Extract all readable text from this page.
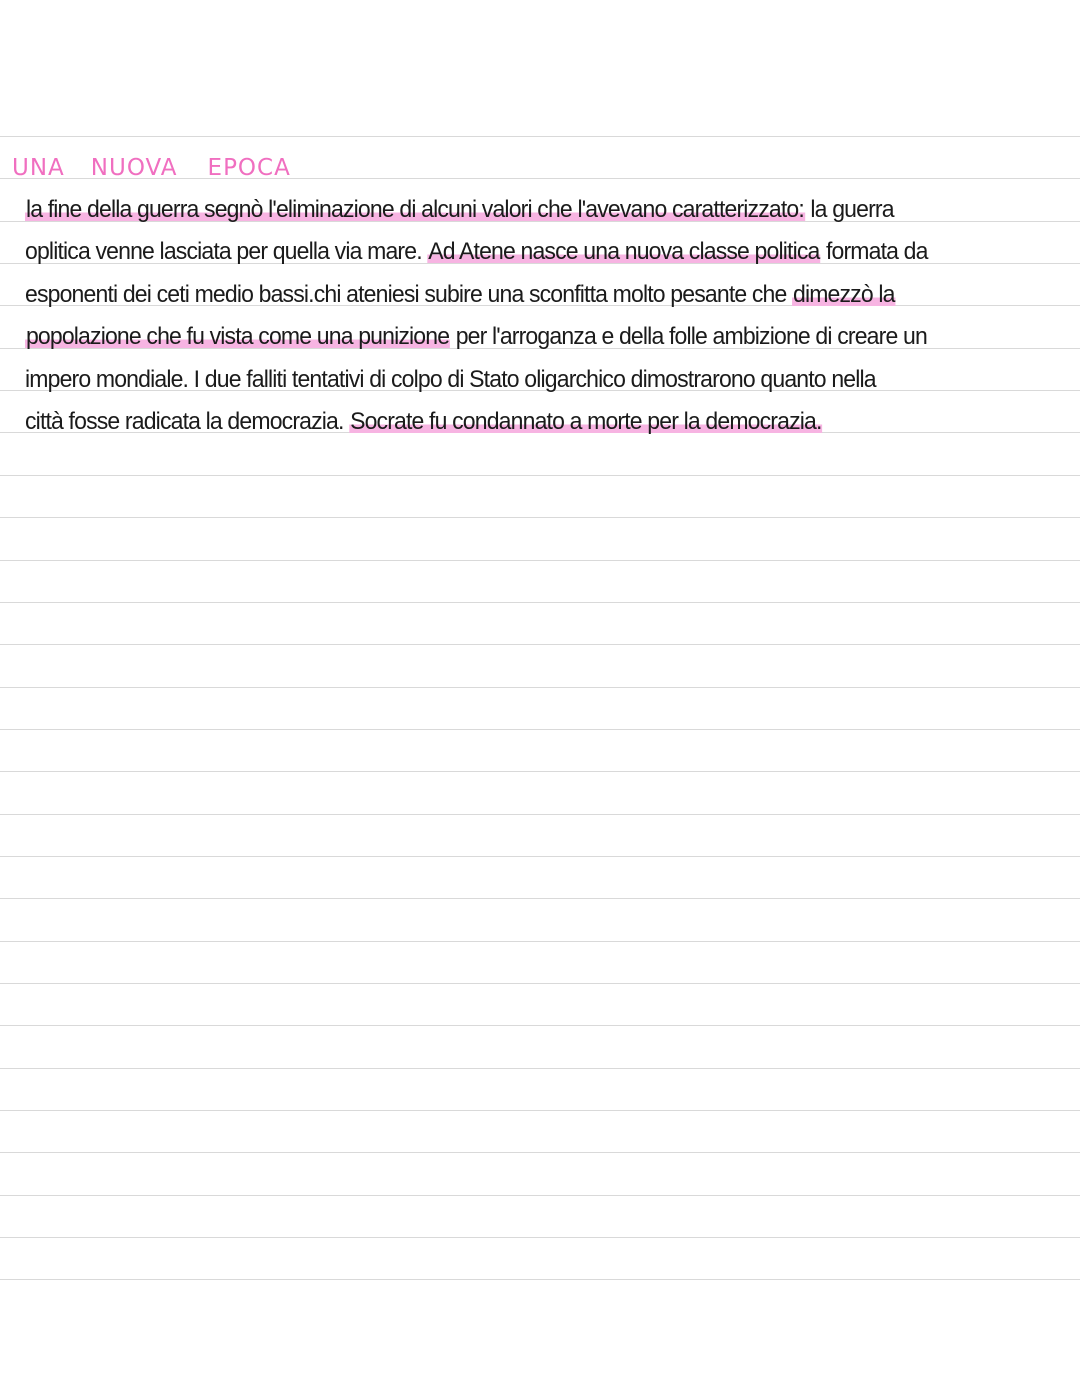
UNA NUOVA EPOCA

la fine della guerra segnò l'eliminazione di alcuni valori che l'avevano caratterizzato: la guerra
oplitica venne lasciata per quella via mare. Ad Atene nasce una nuova classe politica formata da
esponenti dei ceti medio bassi.chi ateniesi subire una sconfitta molto pesante che dimezzò la
popolazione che fu vista come una punizione per l'arroganza e della folle ambizione di creare un
impero mondiale. I due falliti tentativi di colpo di Stato oligarchico dimostrarono quanto nella
città fosse radicata la democrazia. Socrate fu condannato a morte per la democrazia.
